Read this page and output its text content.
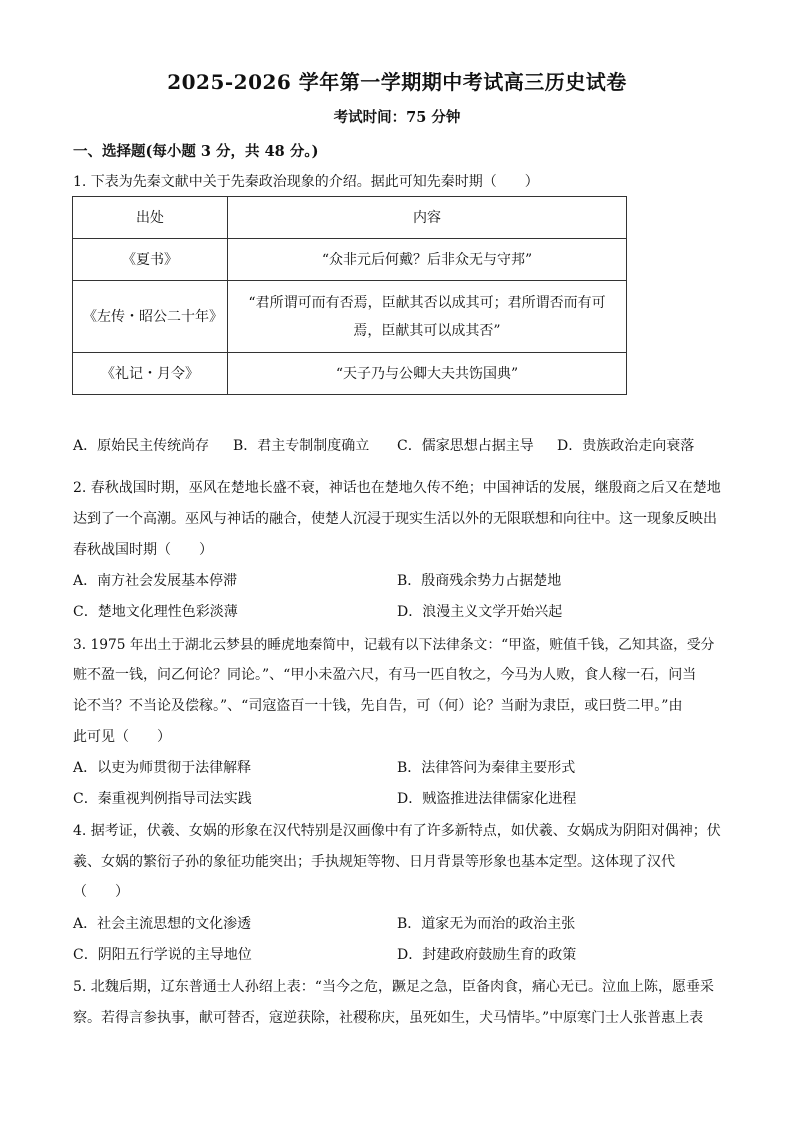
2025-2026 学年第一学期期中考试高三历史试卷
考试时间：75 分钟
一、选择题(每小题 3 分，共 48 分。)
1. 下表为先秦文献中关于先秦政治现象的介绍。据此可知先秦时期（　　）
出处	内容
《夏书》	“众非元后何戴？后非众无与守邦”
《左传・昭公二十年》	“君所谓可而有否焉，臣献其否以成其可；君所谓否而有可
焉，臣献其可以成其否”

《礼记・月令》	“天子乃与公卿大夫共饬国典”
A．原始民主传统尚存 B．君主专制制度确立 C．儒家思想占据主导 D．贵族政治走向衰落
2. 春秋战国时期，巫风在楚地长盛不衰，神话也在楚地久传不绝；中国神话的发展，继殷商之后又在楚地
达到了一个高潮。巫风与神话的融合，使楚人沉浸于现实生活以外的无限联想和向往中。这一现象反映出
春秋战国时期（　　）
A．南方社会发展基本停滞	B．殷商残余势力占据楚地
C．楚地文化理性色彩淡薄	D．浪漫主义文学开始兴起
3. 1975 年出土于湖北云梦县的睡虎地秦简中，记载有以下法律条文：“甲盗，赃值千钱，乙知其盗，受分
赃不盈一钱，问乙何论？同论。”、“甲小未盈六尺，有马一匹自牧之，今马为人败，食人稼一石，问当
论不当？不当论及偿稼。”、“司寇盗百一十钱，先自告，可（何）论？当耐为隶臣，或曰赀二甲。”由
此可见（　　）
A．以吏为师贯彻于法律解释	B．法律答问为秦律主要形式
C．秦重视判例指导司法实践	D．贼盗推进法律儒家化进程
4. 据考证，伏羲、女娲的形象在汉代特别是汉画像中有了许多新特点，如伏羲、女娲成为阴阳对偶神；伏
羲、女娲的繁衍子孙的象征功能突出；手执规矩等物、日月背景等形象也基本定型。这体现了汉代
（　　）
A．社会主流思想的文化渗透	B．道家无为而治的政治主张
C．阴阳五行学说的主导地位	D．封建政府鼓励生育的政策
5. 北魏后期，辽东普通士人孙绍上表：“当今之危，蹶足之急，臣备肉食，痛心无已。泣血上陈，愿垂采
察。若得言参执事，献可替否，寇逆获除，社稷称庆，虽死如生，犬马情毕。”中原寒门士人张普惠上表
